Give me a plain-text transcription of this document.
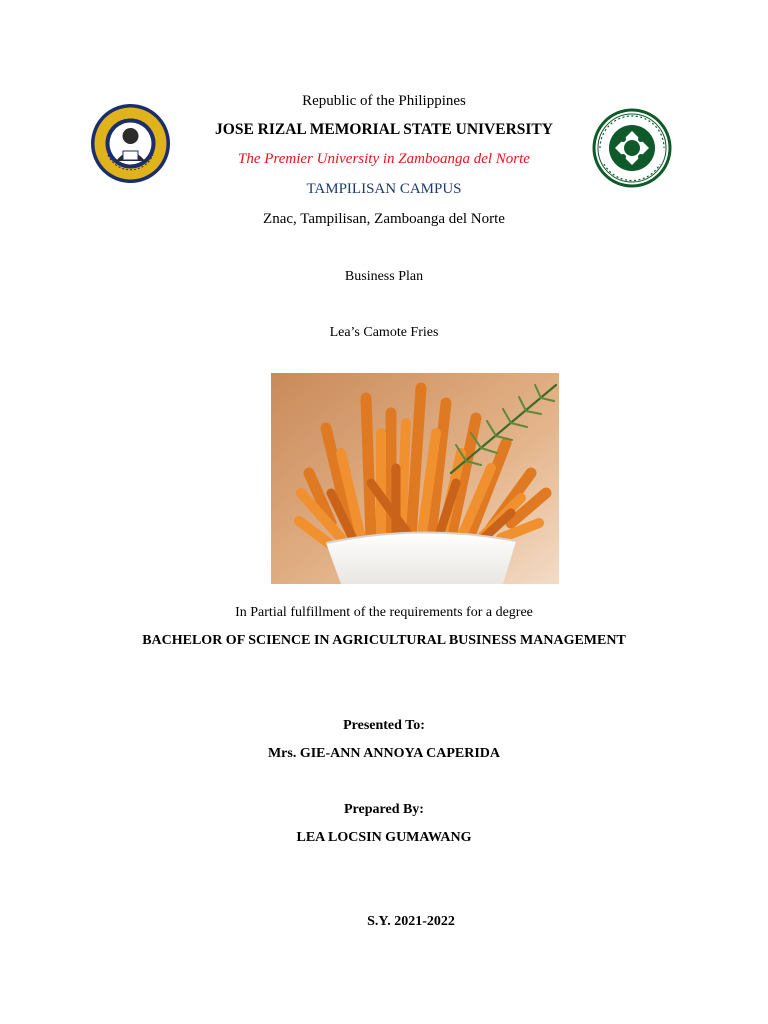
Republic of the Philippines
JOSE RIZAL MEMORIAL STATE UNIVERSITY
The Premier University in Zamboanga del Norte
TAMPILISAN CAMPUS
Znac, Tampilisan, Zamboanga del Norte
Business Plan
Lea’s Camote Fries
In Partial fulfillment of the requirements for a degree
BACHELOR OF SCIENCE IN AGRICULTURAL BUSINESS MANAGEMENT
Presented To:
Mrs. GIE-ANN ANNOYA CAPERIDA
Prepared By:
LEA LOCSIN GUMAWANG
S.Y. 2021-2022
